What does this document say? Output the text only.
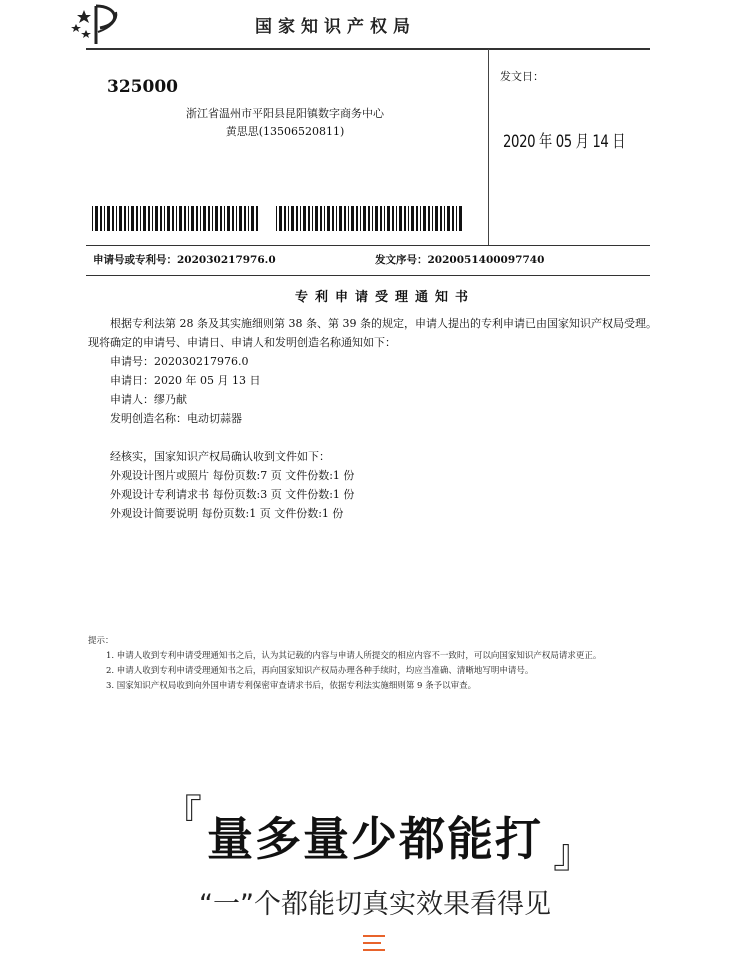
国家知识产权局
325000
浙江省温州市平阳县昆阳镇数字商务中心
黄思思(13506520811)
发文日：
2020 年 05 月 14 日
申请号或专利号：202030217976.0	发文序号：2020051400097740
专利申请受理通知书

根据专利法第 28 条及其实施细则第 38 条、第 39 条的规定，申请人提出的专利申请已由国家知识产权局受理。现将确定的申请号、申请日、申请人和发明创造名称通知如下：

申请号：202030217976.0

申请日：2020 年 05 月 13 日

申请人：缪乃献

发明创造名称：电动切蒜器

经核实，国家知识产权局确认收到文件如下：

外观设计图片或照片 每份页数:7 页 文件份数:1 份

外观设计专利请求书 每份页数:3 页 文件份数:1 份

外观设计简要说明 每份页数:1 页 文件份数:1 份

提示：

1. 申请人收到专利申请受理通知书之后，认为其记载的内容与申请人所提交的相应内容不一致时，可以向国家知识产权局请求更正。

2. 申请人收到专利申请受理通知书之后，再向国家知识产权局办理各种手续时，均应当准确、清晰地写明申请号。

3. 国家知识产权局收到向外国申请专利保密审查请求书后，依据专利法实施细则第 9 条予以审查。

『 量多量少都能打 』
“一”个都能切真实效果看得见
